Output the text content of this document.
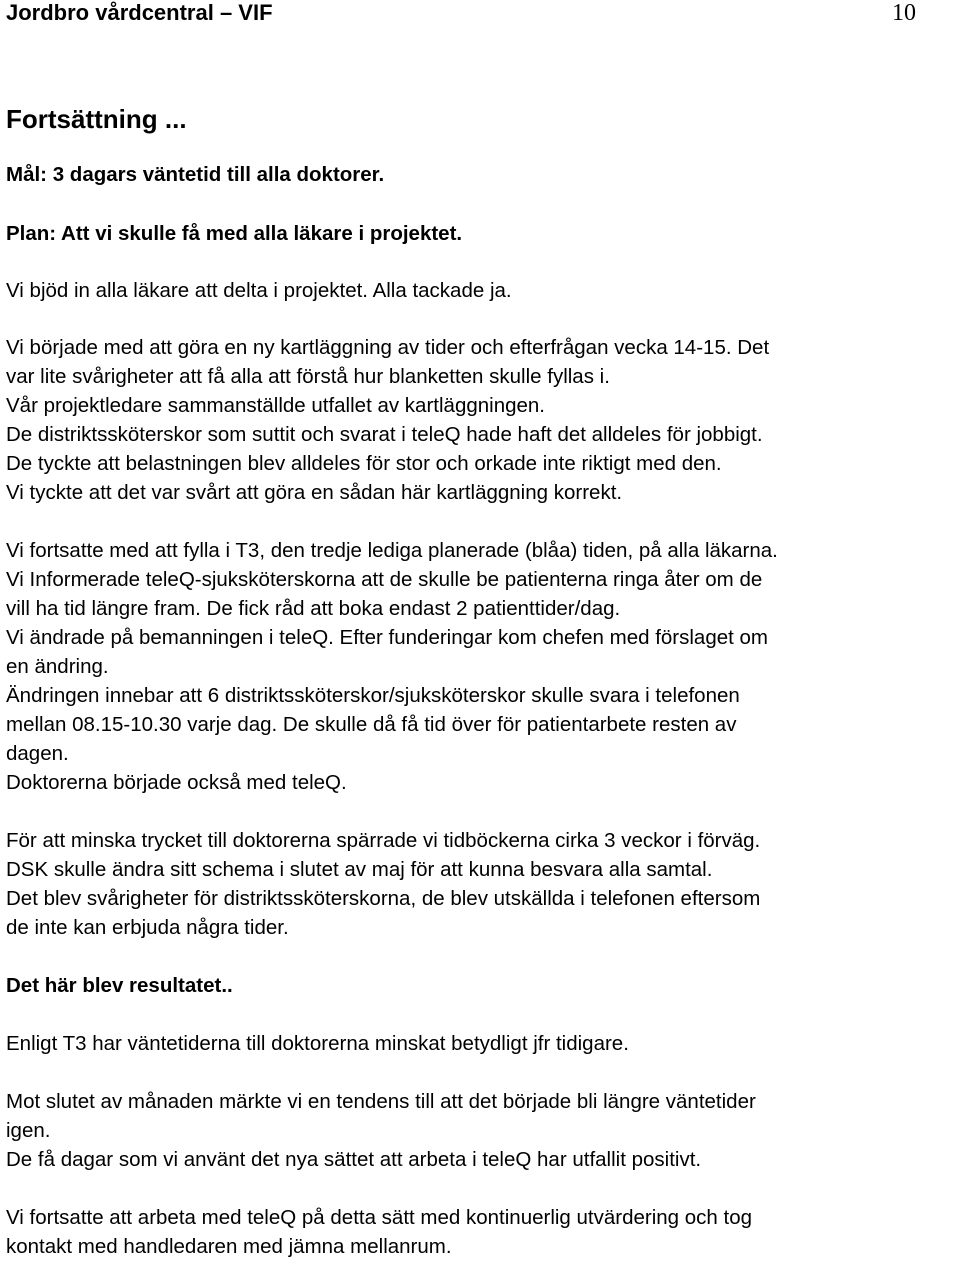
Jordbro vårdcentral – VIF	10

Fortsättning ...

Mål: 3 dagars väntetid till alla doktorer.

Plan: Att vi skulle få med alla läkare i projektet.

Vi bjöd in alla läkare att delta i projektet. Alla tackade ja.

Vi började med att göra en ny kartläggning av tider och efterfrågan vecka 14-15. Det
var lite svårigheter att få alla att förstå hur blanketten skulle fyllas i.
Vår projektledare sammanställde utfallet av kartläggningen.
De distriktssköterskor som suttit och svarat i teleQ hade haft det alldeles för jobbigt.
De tyckte att belastningen blev alldeles för stor och orkade inte riktigt med den.
Vi tyckte att det var svårt att göra en sådan här kartläggning korrekt.

Vi fortsatte med att fylla i T3, den tredje lediga planerade (blåa) tiden, på alla läkarna.
Vi Informerade teleQ-sjuksköterskorna att de skulle be patienterna ringa åter om de
vill ha tid längre fram. De fick råd att boka endast 2 patienttider/dag.
Vi ändrade på bemanningen i teleQ. Efter funderingar kom chefen med förslaget om
en ändring.
Ändringen innebar att 6 distriktssköterskor/sjuksköterskor skulle svara i telefonen
mellan 08.15-10.30 varje dag. De skulle då få tid över för patientarbete resten av
dagen.
Doktorerna började också med teleQ.

För att minska trycket till doktorerna spärrade vi tidböckerna cirka 3 veckor i förväg.
DSK skulle ändra sitt schema i slutet av maj för att kunna besvara alla samtal.
Det blev svårigheter för distriktssköterskorna, de blev utskällda i telefonen eftersom
de inte kan erbjuda några tider.

Det här blev resultatet..

Enligt T3 har väntetiderna till doktorerna minskat betydligt jfr tidigare.

Mot slutet av månaden märkte vi en tendens till att det började bli längre väntetider
igen.
De få dagar som vi använt det nya sättet att arbeta i teleQ har utfallit positivt.

Vi fortsatte att arbeta med teleQ på detta sätt med kontinuerlig utvärdering och tog
kontakt med handledaren med jämna mellanrum.
